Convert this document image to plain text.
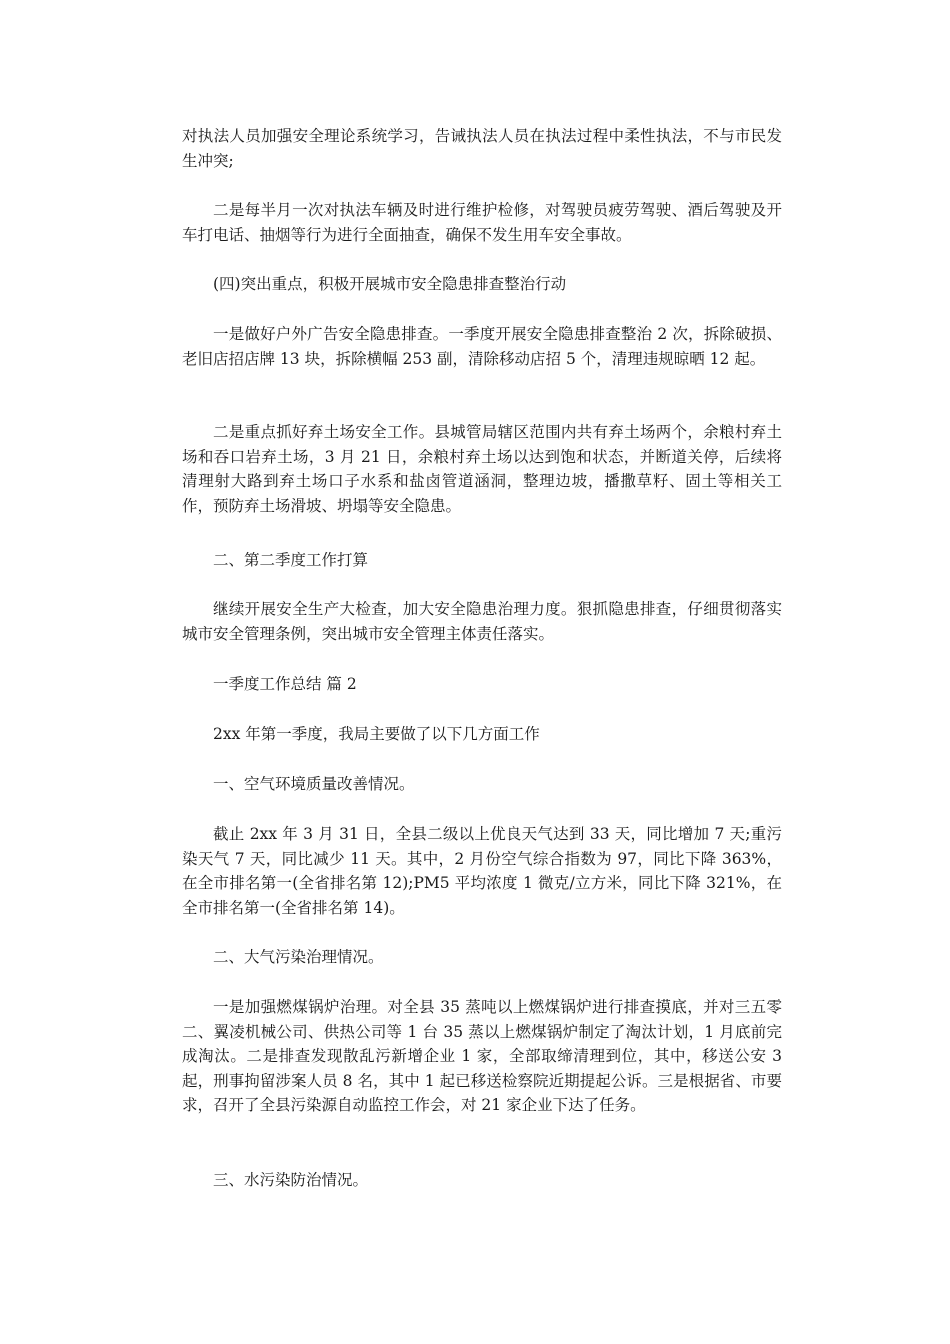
对执法人员加强安全理论系统学习，告诫执法人员在执法过程中柔性执法，不与市民发生冲突;

二是每半月一次对执法车辆及时进行维护检修，对驾驶员疲劳驾驶、酒后驾驶及开车打电话、抽烟等行为进行全面抽查，确保不发生用车安全事故。

(四)突出重点，积极开展城市安全隐患排查整治行动

一是做好户外广告安全隐患排查。一季度开展安全隐患排查整治 2 次，拆除破损、老旧店招店牌 13 块，拆除横幅 253 副，清除移动店招 5 个，清理违规晾晒 12 起。

二是重点抓好弃土场安全工作。县城管局辖区范围内共有弃土场两个，余粮村弃土场和吞口岩弃土场，3 月 21 日，余粮村弃土场以达到饱和状态，并断道关停，后续将清理射大路到弃土场口子水系和盐卤管道涵洞，整理边坡，播撒草籽、固土等相关工作，预防弃土场滑坡、坍塌等安全隐患。

二、第二季度工作打算

继续开展安全生产大检查，加大安全隐患治理力度。狠抓隐患排查，仔细贯彻落实城市安全管理条例，突出城市安全管理主体责任落实。

一季度工作总结 篇 2

2xx 年第一季度，我局主要做了以下几方面工作

一、空气环境质量改善情况。

截止 2xx 年 3 月 31 日，全县二级以上优良天气达到 33 天，同比增加 7 天;重污染天气 7 天，同比减少 11 天。其中，2 月份空气综合指数为 97，同比下降 363%，在全市排名第一(全省排名第 12);PM5 平均浓度 1 微克/立方米，同比下降 321%，在全市排名第一(全省排名第 14)。

二、大气污染治理情况。

一是加强燃煤锅炉治理。对全县 35 蒸吨以上燃煤锅炉进行排查摸底，并对三五零二、翼凌机械公司、供热公司等 1 台 35 蒸以上燃煤锅炉制定了淘汰计划，1 月底前完成淘汰。二是排查发现散乱污新增企业 1 家，全部取缔清理到位，其中，移送公安 3 起，刑事拘留涉案人员 8 名，其中 1 起已移送检察院近期提起公诉。三是根据省、市要求，召开了全县污染源自动监控工作会，对 21 家企业下达了任务。

三、水污染防治情况。
